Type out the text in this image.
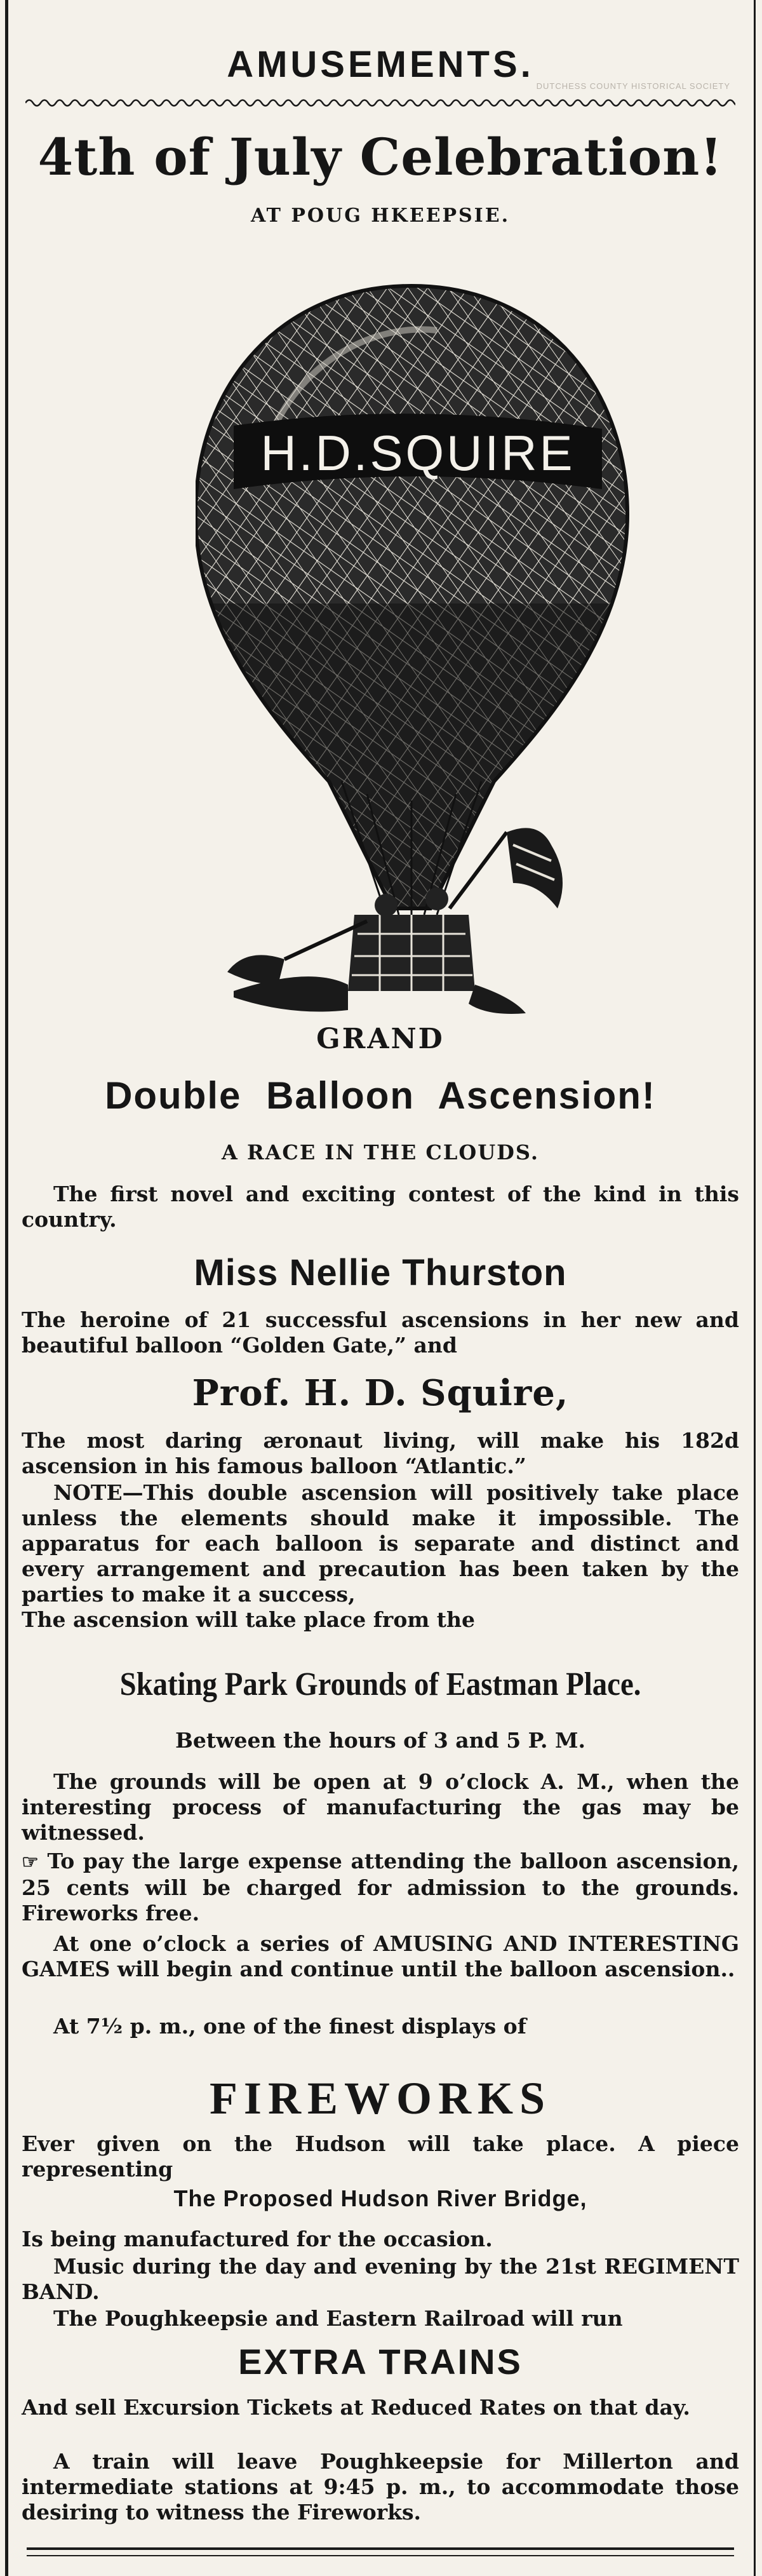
DUTCHESS COUNTY HISTORICAL SOCIETY
AMUSEMENTS.
4th of July Celebration!
AT POUG HKEEPSIE.
H.D.SQUIRE
GRAND
Double Balloon Ascension!
A RACE IN THE CLOUDS.
The first novel and exciting contest of the kind in this country.
Miss Nellie Thurston
The heroine of 21 successful ascensions in her new and beautiful balloon “Golden Gate,” and
Prof. H. D. Squire,
The most daring æronaut living, will make his 182d ascension in his famous balloon “Atlantic.”
NOTE—This double ascension will positively take place unless the elements should make it impossible. The apparatus for each balloon is separate and distinct and every arrangement and precaution has been taken by the parties to make it a success,
The ascension will take place from the
Skating Park Grounds of Eastman Place.
Between the hours of 3 and 5 P. M.
The grounds will be open at 9 o’clock A. M., when the interesting process of manufacturing the gas may be witnessed.
☞ To pay the large expense attending the balloon ascension, 25 cents will be charged for admission to the grounds. Fireworks free.
At one o’clock a series of AMUSING AND INTERESTING GAMES will begin and continue until the balloon ascension..
At 7½ p. m., one of the finest displays of
FIREWORKS
Ever given on the Hudson will take place. A piece representing
The Proposed Hudson River Bridge,
Is being manufactured for the occasion.
Music during the day and evening by the 21st REGIMENT BAND.
The Poughkeepsie and Eastern Railroad will run
EXTRA TRAINS
And sell Excursion Tickets at Reduced Rates on that day.
A train will leave Poughkeepsie for Millerton and intermediate stations at 9:45 p. m., to accommodate those desiring to witness the Fireworks.
